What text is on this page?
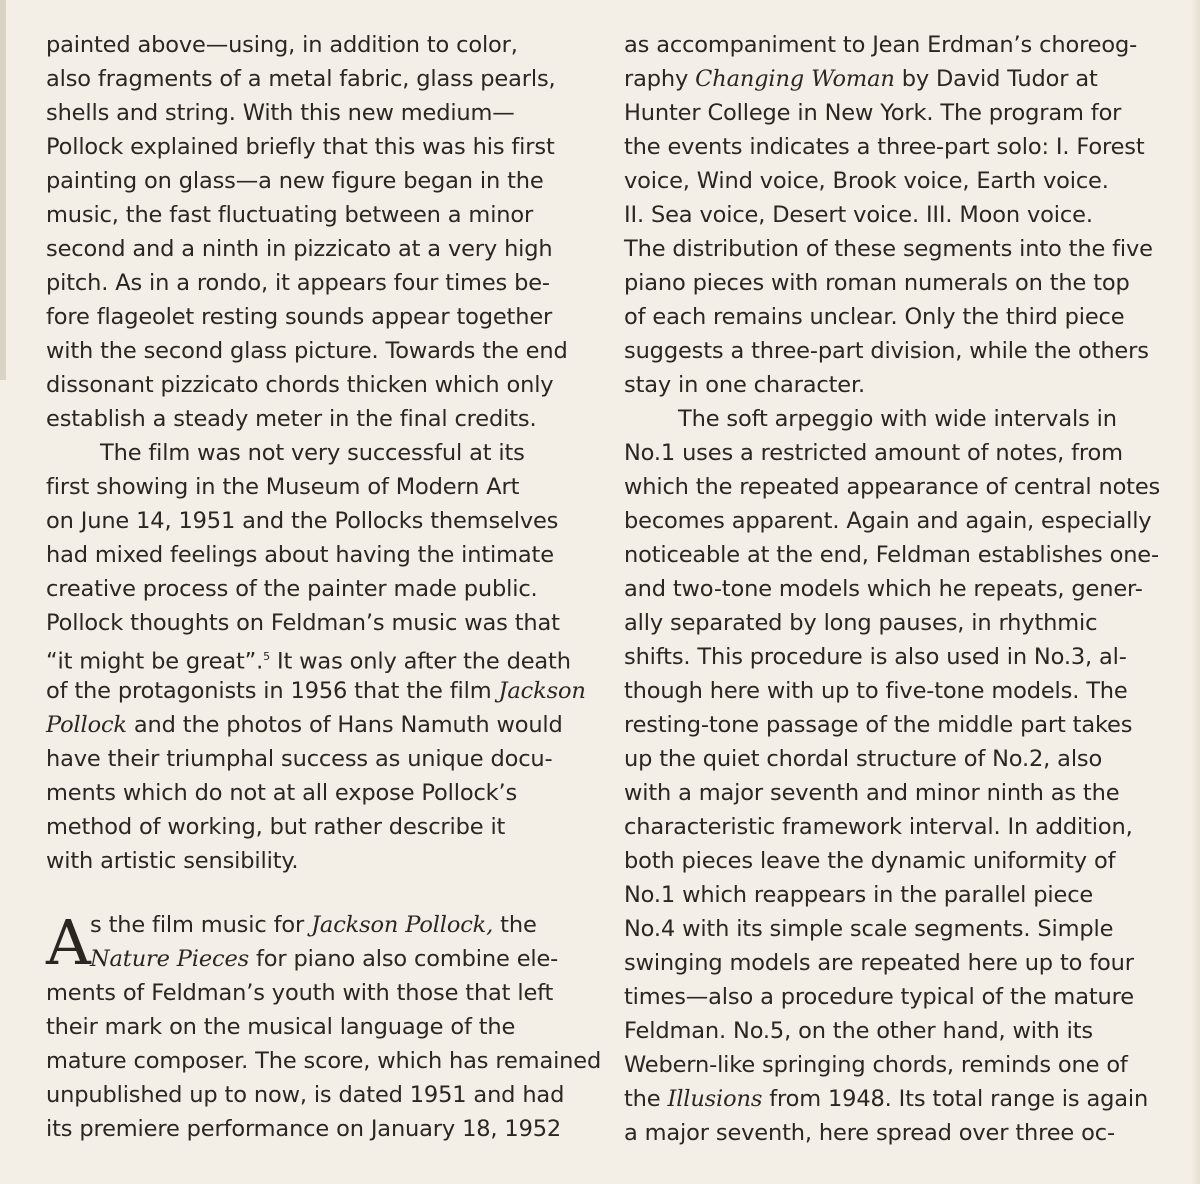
painted above—using, in addition to color,
also fragments of a metal fabric, glass pearls,
shells and string. With this new medium—
Pollock explained briefly that this was his first
painting on glass—a new figure began in the
music, the fast fluctuating between a minor
second and a ninth in pizzicato at a very high
pitch. As in a rondo, it appears four times be-
fore flageolet resting sounds appear together
with the second glass picture. Towards the end
dissonant pizzicato chords thicken which only
establish a steady meter in the final credits.
The film was not very successful at its
first showing in the Museum of Modern Art
on June 14, 1951 and the Pollocks themselves
had mixed feelings about having the intimate
creative process of the painter made public.
Pollock thoughts on Feldman’s music was that
“it might be great”.$^5$ It was only after the death
of the protagonists in 1956 that the film Jackson
Pollock and the photos of Hans Namuth would
have their triumphal success as unique docu-
ments which do not at all expose Pollock’s
method of working, but rather describe it
with artistic sensibility.
A s the film music for Jackson Pollock, the
Nature Pieces for piano also combine ele-
ments of Feldman’s youth with those that left
their mark on the musical language of the
mature composer. The score, which has remained
unpublished up to now, is dated 1951 and had
its premiere performance on January 18, 1952
as accompaniment to Jean Erdman’s choreog-
raphy Changing Woman by David Tudor at
Hunter College in New York. The program for
the events indicates a three-part solo: I. Forest
voice, Wind voice, Brook voice, Earth voice.
II. Sea voice, Desert voice. III. Moon voice.
The distribution of these segments into the five
piano pieces with roman numerals on the top
of each remains unclear. Only the third piece
suggests a three-part division, while the others
stay in one character.
The soft arpeggio with wide intervals in
No.1 uses a restricted amount of notes, from
which the repeated appearance of central notes
becomes apparent. Again and again, especially
noticeable at the end, Feldman establishes one-
and two-tone models which he repeats, gener-
ally separated by long pauses, in rhythmic
shifts. This procedure is also used in No.3, al-
though here with up to five-tone models. The
resting-tone passage of the middle part takes
up the quiet chordal structure of No.2, also
with a major seventh and minor ninth as the
characteristic framework interval. In addition,
both pieces leave the dynamic uniformity of
No.1 which reappears in the parallel piece
No.4 with its simple scale segments. Simple
swinging models are repeated here up to four
times—also a procedure typical of the mature
Feldman. No.5, on the other hand, with its
Webern-like springing chords, reminds one of
the Illusions from 1948. Its total range is again
a major seventh, here spread over three oc-
